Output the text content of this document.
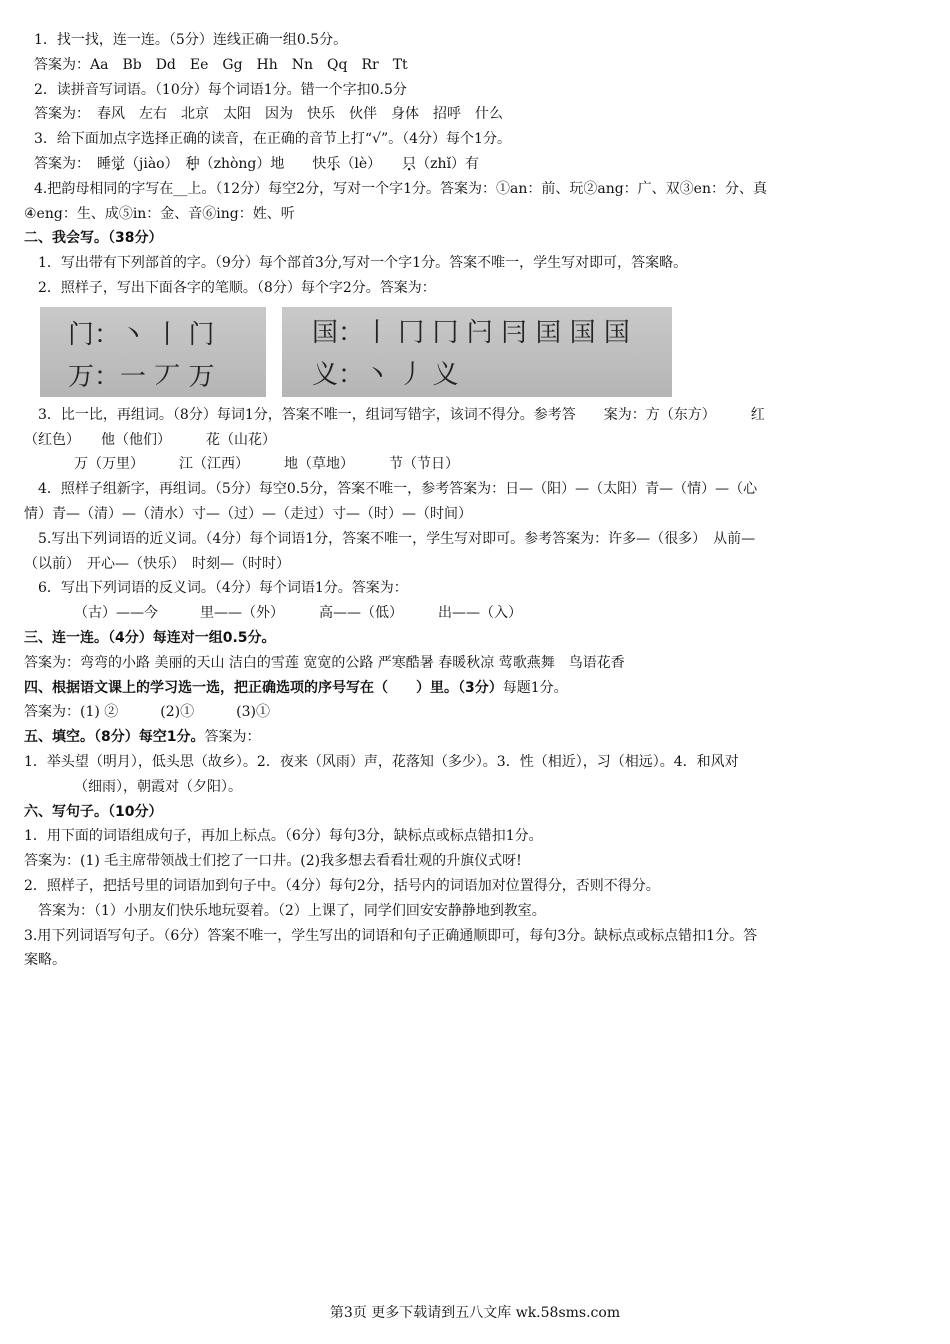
1．找一找，连一连。（5分）连线正确一组0.5分。
答案为：Aa　Bb　Dd　Ee　Gg　Hh　Nn　Qq　Rr　Tt
2．读拼音写词语。（10分）每个词语1分。错一个字扣0.5分
答案为：　春风　左右　北京　太阳　因为　快乐　伙伴　身体　招呼　什么
3．给下面加点字选择正确的读音，在正确的音节上打“√”。（4分）每个1分。
答案为：　睡觉（jiào）　种（zhòng）地　　快乐（lè）　　只（zhǐ）有
4.把韵母相同的字写在__上。（12分）每空2分，写对一个字1分。答案为：①an：前、玩②ang：广、双③en：分、真
④eng：生、成⑤in：金、音⑥ing：姓、听
二、我会写。（38分）
1．写出带有下列部首的字。（9分）每个部首3分,写对一个字1分。答案不唯一，学生写对即可，答案略。
2．照样子，写出下面各字的笔顺。（8分）每个字2分。答案为：
门：丶 丨 门
万：一 丆 万
国：丨 冂 冂 闩 冃 囯 国 国
义：丶 丿 义
3．比一比，再组词。（8分）每词1分，答案不唯一，组词写错字，该词不得分。参考答　　案为：方（东方）　　　红
（红色）　　他（他们）　　　花（山花）
万（万里）　　　江（江西）　　　地（草地）　　　节（节日）
4．照样子组新字，再组词。（5分）每空0.5分，答案不唯一，参考答案为：日—（阳）—（太阳）青—（情）—（心
情）青—（清）—（清水）寸—（过）—（走过）寸—（时）—（时间）
5.写出下列词语的近义词。（4分）每个词语1分，答案不唯一，学生写对即可。参考答案为：许多—（很多）　从前—
（以前）　开心—（快乐）　时刻—（时时）
6．写出下列词语的反义词。（4分）每个词语1分。答案为：
（古）——今　　　里——（外）　　　高——（低）　　　出——（入）
三、连一连。（4分）每连对一组0.5分。
答案为：弯弯的小路 美丽的天山 洁白的雪莲 宽宽的公路 严寒酷暑 春暖秋凉 莺歌燕舞　鸟语花香
四、根据语文课上的学习选一选，把正确选项的序号写在（　　）里。（3分）每题1分。
答案为：(1) ②　　　(2)①　　　(3)①
五、填空。（8分）每空1分。答案为：
1．举头望（明月），低头思（故乡）。2．夜来（风雨）声，花落知（多少）。3．性（相近），习（相远）。4．和风对
（细雨），朝霞对（夕阳）。
六、写句子。（10分）
1．用下面的词语组成句子，再加上标点。（6分）每句3分，缺标点或标点错扣1分。
答案为：(1) 毛主席带领战士们挖了一口井。(2)我多想去看看壮观的升旗仪式呀!
2．照样子，把括号里的词语加到句子中。（4分）每句2分，括号内的词语加对位置得分，否则不得分。
答案为：（1）小朋友们快乐地玩耍着。（2）上课了，同学们回安安静静地到教室。
3.用下列词语写句子。（6分）答案不唯一，学生写出的词语和句子正确通顺即可，每句3分。缺标点或标点错扣1分。答
案略。
第3页 更多下载请到五八文库 wk.58sms.com
